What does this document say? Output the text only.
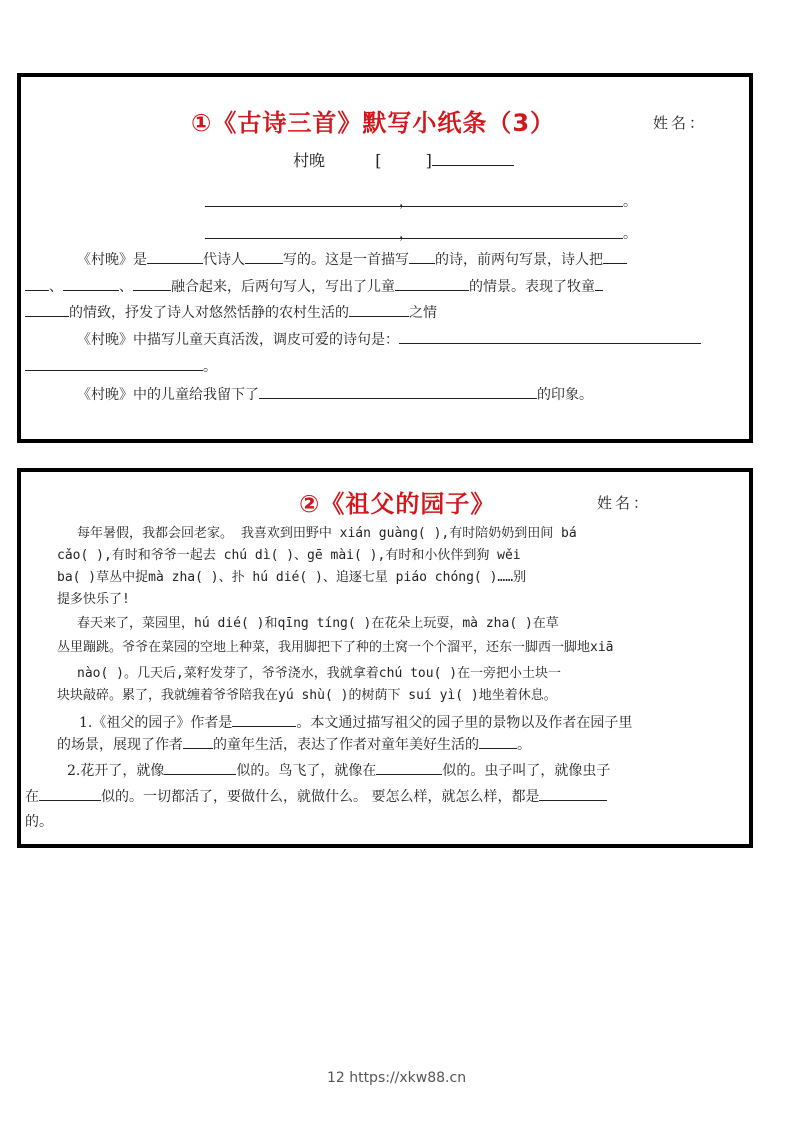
①《古诗三首》默写小纸条（3）	姓名：
村晚	[	]
，	。
，	。
《村晚》是	代诗人	写的。这是一首描写 的诗，前两句写景，诗人把
、	、	融合起来，后两句写人，写出了儿童	的情景。表现了牧童
的情致，抒发了诗人对悠然恬静的农村生活的	之情
《村晚》中描写儿童天真活泼，调皮可爱的诗句是：
。
《村晚》中的儿童给我留下了	的印象。
②《祖父的园子》	姓名：
每年暑假，我都会回老家。 我喜欢到田野中 xián guàng( ),有时陪奶奶到田间 bá
cǎo( ),有时和爷爷一起去 chú dì( )、gē mài( ),有时和小伙伴到狗 wěi
ba( )草丛中捉mà zha( )、扑 hú dié( )、追逐七星 piáo chóng( )……别
提多快乐了!
春天来了，菜园里，hú dié( )和qīng tíng( )在花朵上玩耍，mà zha( )在草
丛里蹦跳。爷爷在菜园的空地上种菜，我用脚把下了种的土窝一个个溜平，还东一脚西一脚地xiā
nào( )。几天后,菜籽发芽了，爷爷浇水，我就拿着chú tou( )在一旁把小土块一
块块敲碎。累了，我就缠着爷爷陪我在yú shù( )的树荫下 suí yì( )地坐着休息。
1.《祖父的园子》作者是	。本文通过描写祖父的园子里的景物以及作者在园子里
的场景，展现了作者 的童年生活，表达了作者对童年美好生活的	。
2.花开了，就像	似的。鸟飞了，就像在	似的。虫子叫了，就像虫子
在	似的。一切都活了，要做什么，就做什么。 要怎么样，就怎么样，都是
的。
12 https://xkw88.cn
